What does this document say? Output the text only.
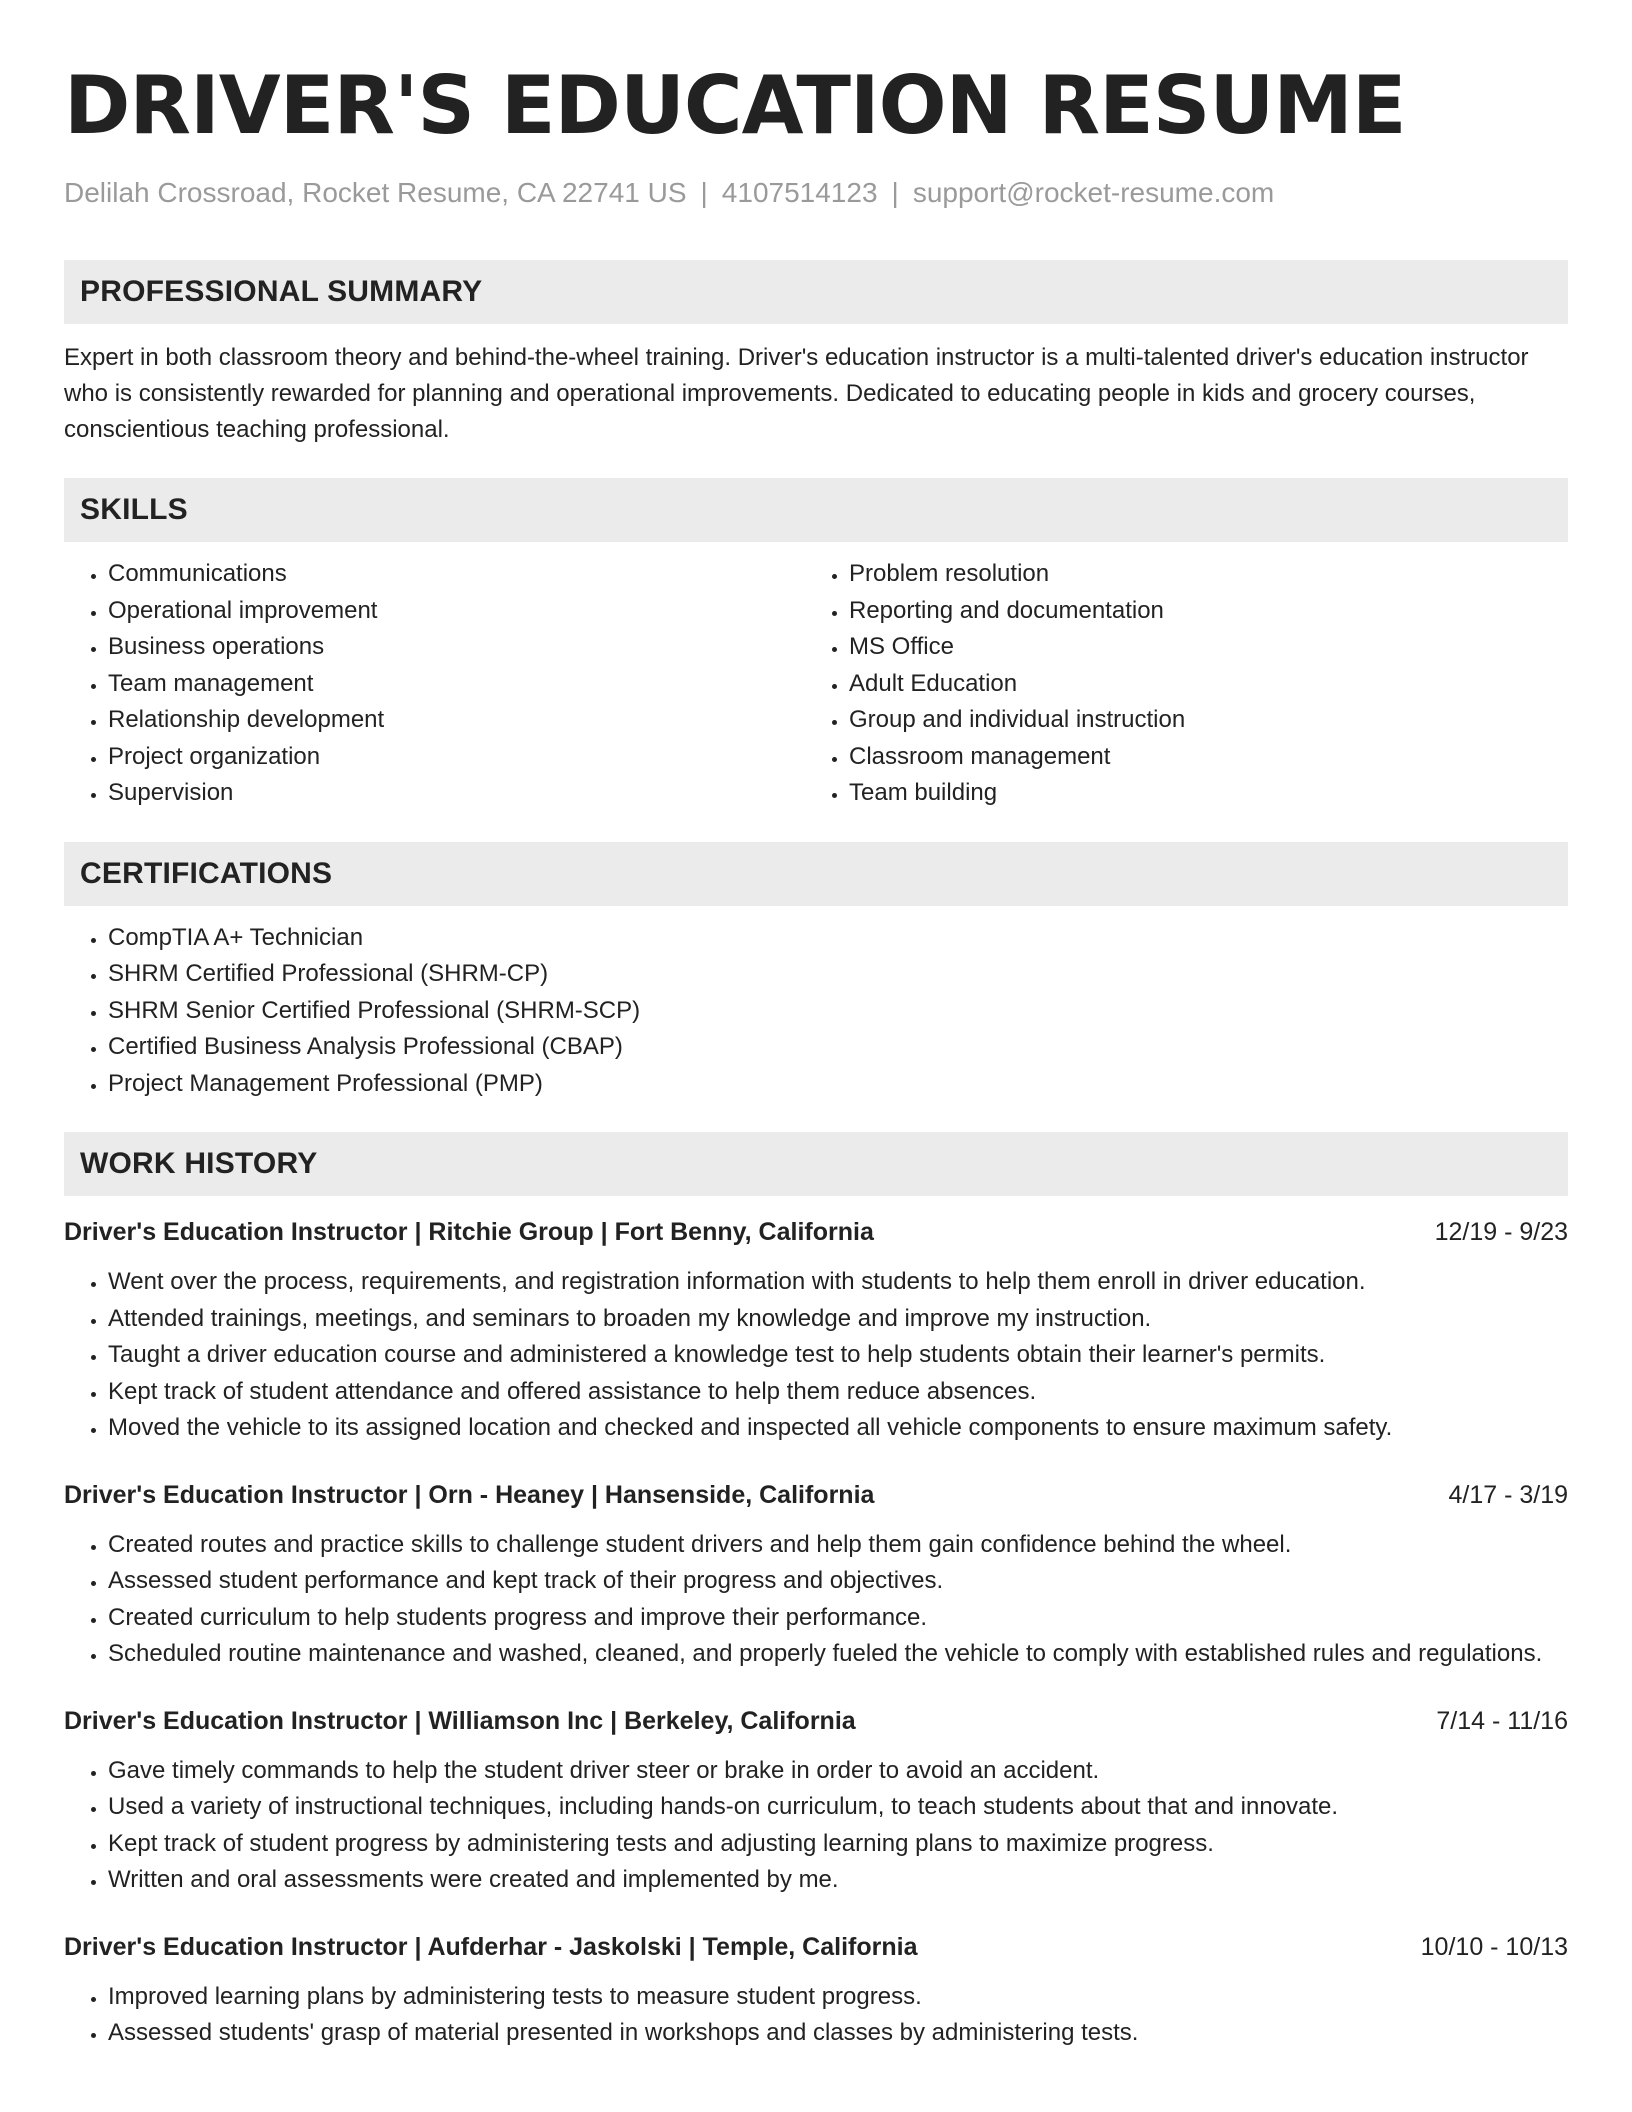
DRIVER'S EDUCATION RESUME
Delilah Crossroad, Rocket Resume, CA 22741 US | 4107514123 | support@rocket-resume.com
PROFESSIONAL SUMMARY

Expert in both classroom theory and behind-the-wheel training. Driver's education instructor is a multi-talented driver's education instructor who is consistently rewarded for planning and operational improvements. Dedicated to educating people in kids and grocery courses, conscientious teaching professional.

SKILLS
• Communications
• Operational improvement
• Business operations
• Team management
• Relationship development
• Project organization
• Supervision
• Problem resolution
• Reporting and documentation
• MS Office
• Adult Education
• Group and individual instruction
• Classroom management
• Team building
CERTIFICATIONS
• CompTIA A+ Technician
• SHRM Certified Professional (SHRM-CP)
• SHRM Senior Certified Professional (SHRM-SCP)
• Certified Business Analysis Professional (CBAP)
• Project Management Professional (PMP)
WORK HISTORY
Driver's Education Instructor | Ritchie Group | Fort Benny, California	12/19 - 9/23
• Went over the process, requirements, and registration information with students to help them enroll in driver education.
• Attended trainings, meetings, and seminars to broaden my knowledge and improve my instruction.
• Taught a driver education course and administered a knowledge test to help students obtain their learner's permits.
• Kept track of student attendance and offered assistance to help them reduce absences.
• Moved the vehicle to its assigned location and checked and inspected all vehicle components to ensure maximum safety.
Driver's Education Instructor | Orn - Heaney | Hansenside, California	4/17 - 3/19
• Created routes and practice skills to challenge student drivers and help them gain confidence behind the wheel.
• Assessed student performance and kept track of their progress and objectives.
• Created curriculum to help students progress and improve their performance.
• Scheduled routine maintenance and washed, cleaned, and properly fueled the vehicle to comply with established rules and regulations.
Driver's Education Instructor | Williamson Inc | Berkeley, California	7/14 - 11/16
• Gave timely commands to help the student driver steer or brake in order to avoid an accident.
• Used a variety of instructional techniques, including hands-on curriculum, to teach students about that and innovate.
• Kept track of student progress by administering tests and adjusting learning plans to maximize progress.
• Written and oral assessments were created and implemented by me.
Driver's Education Instructor | Aufderhar - Jaskolski | Temple, California	10/10 - 10/13
• Improved learning plans by administering tests to measure student progress.
• Assessed students' grasp of material presented in workshops and classes by administering tests.
